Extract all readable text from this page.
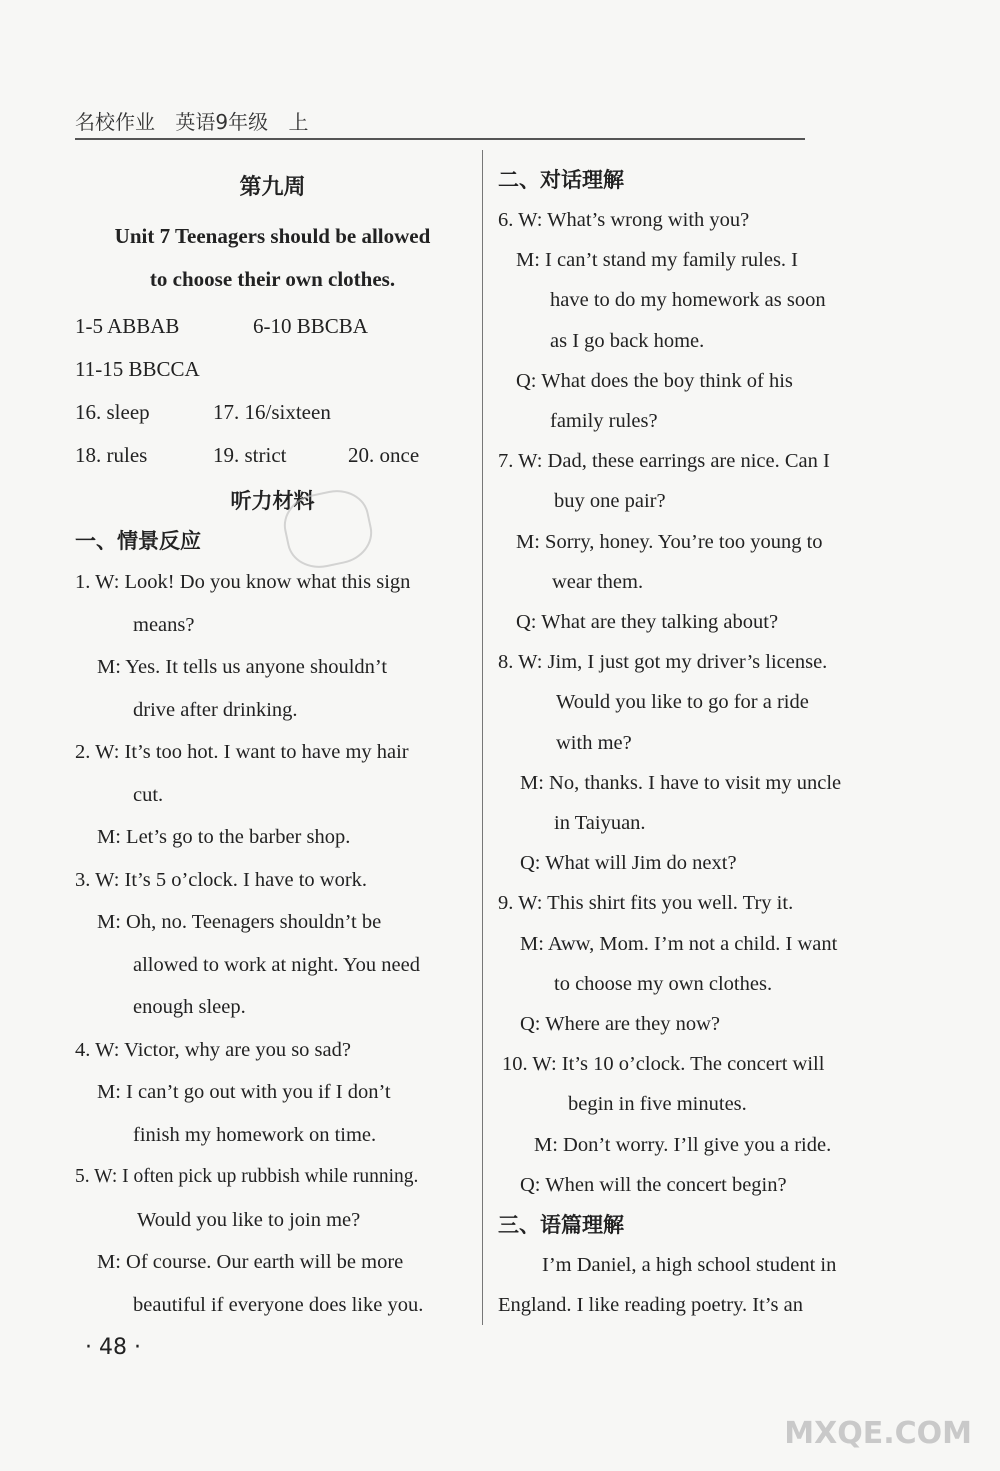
名校作业 英语9年级 上
第九周
Unit 7 Teenagers should be allowed
to choose their own clothes.
1-5 ABBAB	6-10 BBCBA
11-15 BBCCA
16. sleep	17. 16/sixteen
18. rules	19. strict	20. once
听力材料
一、情景反应
1. W: Look! Do you know what this sign
means?
M: Yes. It tells us anyone shouldn’t
drive after drinking.
2. W: It’s too hot. I want to have my hair
cut.
M: Let’s go to the barber shop.
3. W: It’s 5 o’clock. I have to work.
M: Oh, no. Teenagers shouldn’t be
allowed to work at night. You need
enough sleep.
4. W: Victor, why are you so sad?
M: I can’t go out with you if I don’t
finish my homework on time.
5. W: I often pick up rubbish while running.
Would you like to join me?
M: Of course. Our earth will be more
beautiful if everyone does like you.
二、对话理解
6. W: What’s wrong with you?
M: I can’t stand my family rules. I
have to do my homework as soon
as I go back home.
Q: What does the boy think of his
family rules?
7. W: Dad, these earrings are nice. Can I
buy one pair?
M: Sorry, honey. You’re too young to
wear them.
Q: What are they talking about?
8. W: Jim, I just got my driver’s license.
Would you like to go for a ride
with me?
M: No, thanks. I have to visit my uncle
in Taiyuan.
Q: What will Jim do next?
9. W: This shirt fits you well. Try it.
M: Aww, Mom. I’m not a child. I want
to choose my own clothes.
Q: Where are they now?
10. W: It’s 10 o’clock. The concert will
begin in five minutes.
M: Don’t worry. I’ll give you a ride.
Q: When will the concert begin?
三、语篇理解
I’m Daniel, a high school student in
England. I like reading poetry. It’s an
· 48 ·
MXQE.COM
